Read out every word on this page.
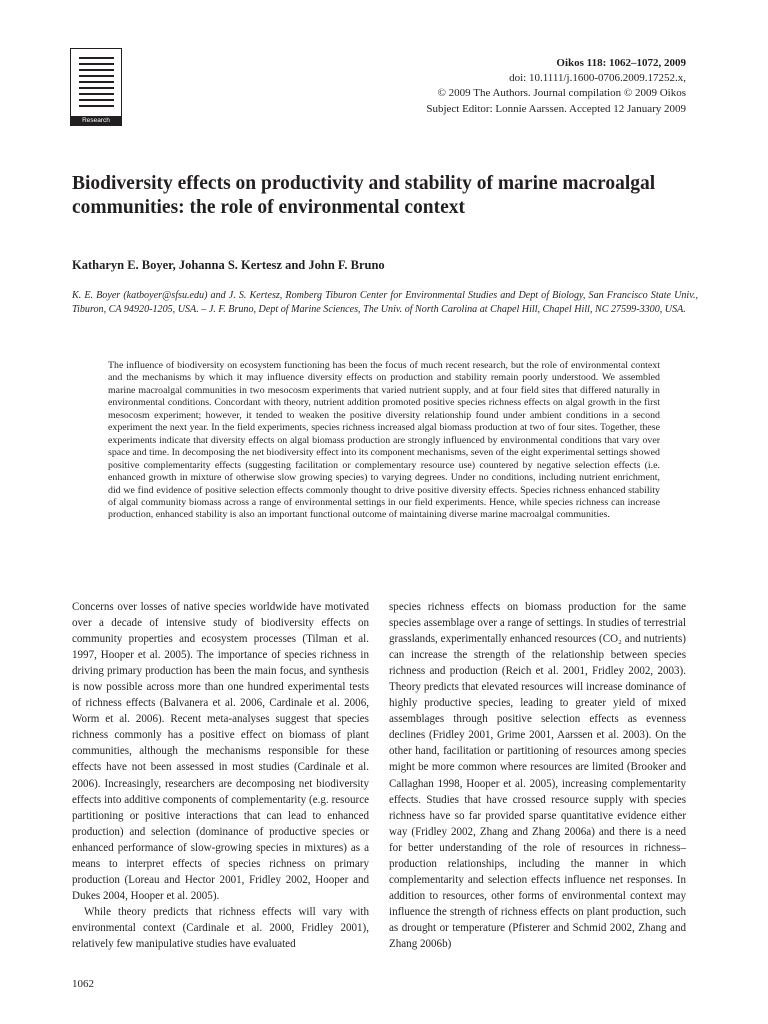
Research
Oikos 118: 1062–1072, 2009
doi: 10.1111/j.1600-0706.2009.17252.x,
© 2009 The Authors. Journal compilation © 2009 Oikos
Subject Editor: Lonnie Aarssen. Accepted 12 January 2009
Biodiversity effects on productivity and stability of marine macroalgal communities: the role of environmental context
Katharyn E. Boyer, Johanna S. Kertesz and John F. Bruno
K. E. Boyer (katboyer@sfsu.edu) and J. S. Kertesz, Romberg Tiburon Center for Environmental Studies and Dept of Biology, San Francisco State Univ., Tiburon, CA 94920-1205, USA. – J. F. Bruno, Dept of Marine Sciences, The Univ. of North Carolina at Chapel Hill, Chapel Hill, NC 27599-3300, USA.
The influence of biodiversity on ecosystem functioning has been the focus of much recent research, but the role of environmental context and the mechanisms by which it may influence diversity effects on production and stability remain poorly understood. We assembled marine macroalgal communities in two mesocosm experiments that varied nutrient supply, and at four field sites that differed naturally in environmental conditions. Concordant with theory, nutrient addition promoted positive species richness effects on algal growth in the first mesocosm experiment; however, it tended to weaken the positive diversity relationship found under ambient conditions in a second experiment the next year. In the field experiments, species richness increased algal biomass production at two of four sites. Together, these experiments indicate that diversity effects on algal biomass production are strongly influenced by environmental conditions that vary over space and time. In decomposing the net biodiversity effect into its component mechanisms, seven of the eight experimental settings showed positive complementarity effects (suggesting facilitation or complementary resource use) countered by negative selection effects (i.e. enhanced growth in mixture of otherwise slow growing species) to varying degrees. Under no conditions, including nutrient enrichment, did we find evidence of positive selection effects commonly thought to drive positive diversity effects. Species richness enhanced stability of algal community biomass across a range of environmental settings in our field experiments. Hence, while species richness can increase production, enhanced stability is also an important functional outcome of maintaining diverse marine macroalgal communities.

Concerns over losses of native species worldwide have motivated over a decade of intensive study of biodiversity effects on community properties and ecosystem processes (Tilman et al. 1997, Hooper et al. 2005). The importance of species richness in driving primary production has been the main focus, and synthesis is now possible across more than one hundred experimental tests of richness effects (Balvanera et al. 2006, Cardinale et al. 2006, Worm et al. 2006). Recent meta-analyses suggest that species richness commonly has a positive effect on biomass of plant communities, although the mechanisms responsible for these effects have not been assessed in most studies (Cardinale et al. 2006). Increasingly, researchers are decomposing net biodiversity effects into additive components of complementarity (e.g. resource partitioning or positive interactions that can lead to enhanced production) and selection (dominance of productive species or enhanced performance of slow-growing species in mixtures) as a means to interpret effects of species richness on primary production (Loreau and Hector 2001, Fridley 2002, Hooper and Dukes 2004, Hooper et al. 2005).

While theory predicts that richness effects will vary with environmental context (Cardinale et al. 2000, Fridley 2001), relatively few manipulative studies have evaluated

species richness effects on biomass production for the same species assemblage over a range of settings. In studies of terrestrial grasslands, experimentally enhanced resources (CO₂ and nutrients) can increase the strength of the relationship between species richness and production (Reich et al. 2001, Fridley 2002, 2003). Theory predicts that elevated resources will increase dominance of highly productive species, leading to greater yield of mixed assemblages through positive selection effects as evenness declines (Fridley 2001, Grime 2001, Aarssen et al. 2003). On the other hand, facilitation or partitioning of resources among species might be more common where resources are limited (Brooker and Callaghan 1998, Hooper et al. 2005), increasing complementarity effects. Studies that have crossed resource supply with species richness have so far provided sparse quantitative evidence either way (Fridley 2002, Zhang and Zhang 2006a) and there is a need for better understanding of the role of resources in richness–production relationships, including the manner in which complementarity and selection effects influence net responses. In addition to resources, other forms of environmental context may influence the strength of richness effects on plant production, such as drought or temperature (Pfisterer and Schmid 2002, Zhang and Zhang 2006b)

1062
